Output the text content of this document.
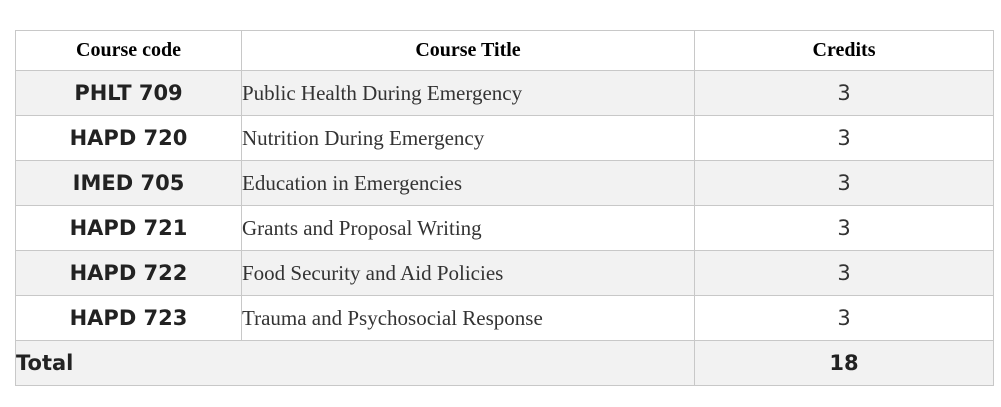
Course code	Course Title	Credits
PHLT 709	Public Health During Emergency	3
HAPD 720	Nutrition During Emergency	3
IMED 705	Education in Emergencies	3
HAPD 721	Grants and Proposal Writing	3
HAPD 722	Food Security and Aid Policies	3
HAPD 723	Trauma and Psychosocial Response	3
Total		18
